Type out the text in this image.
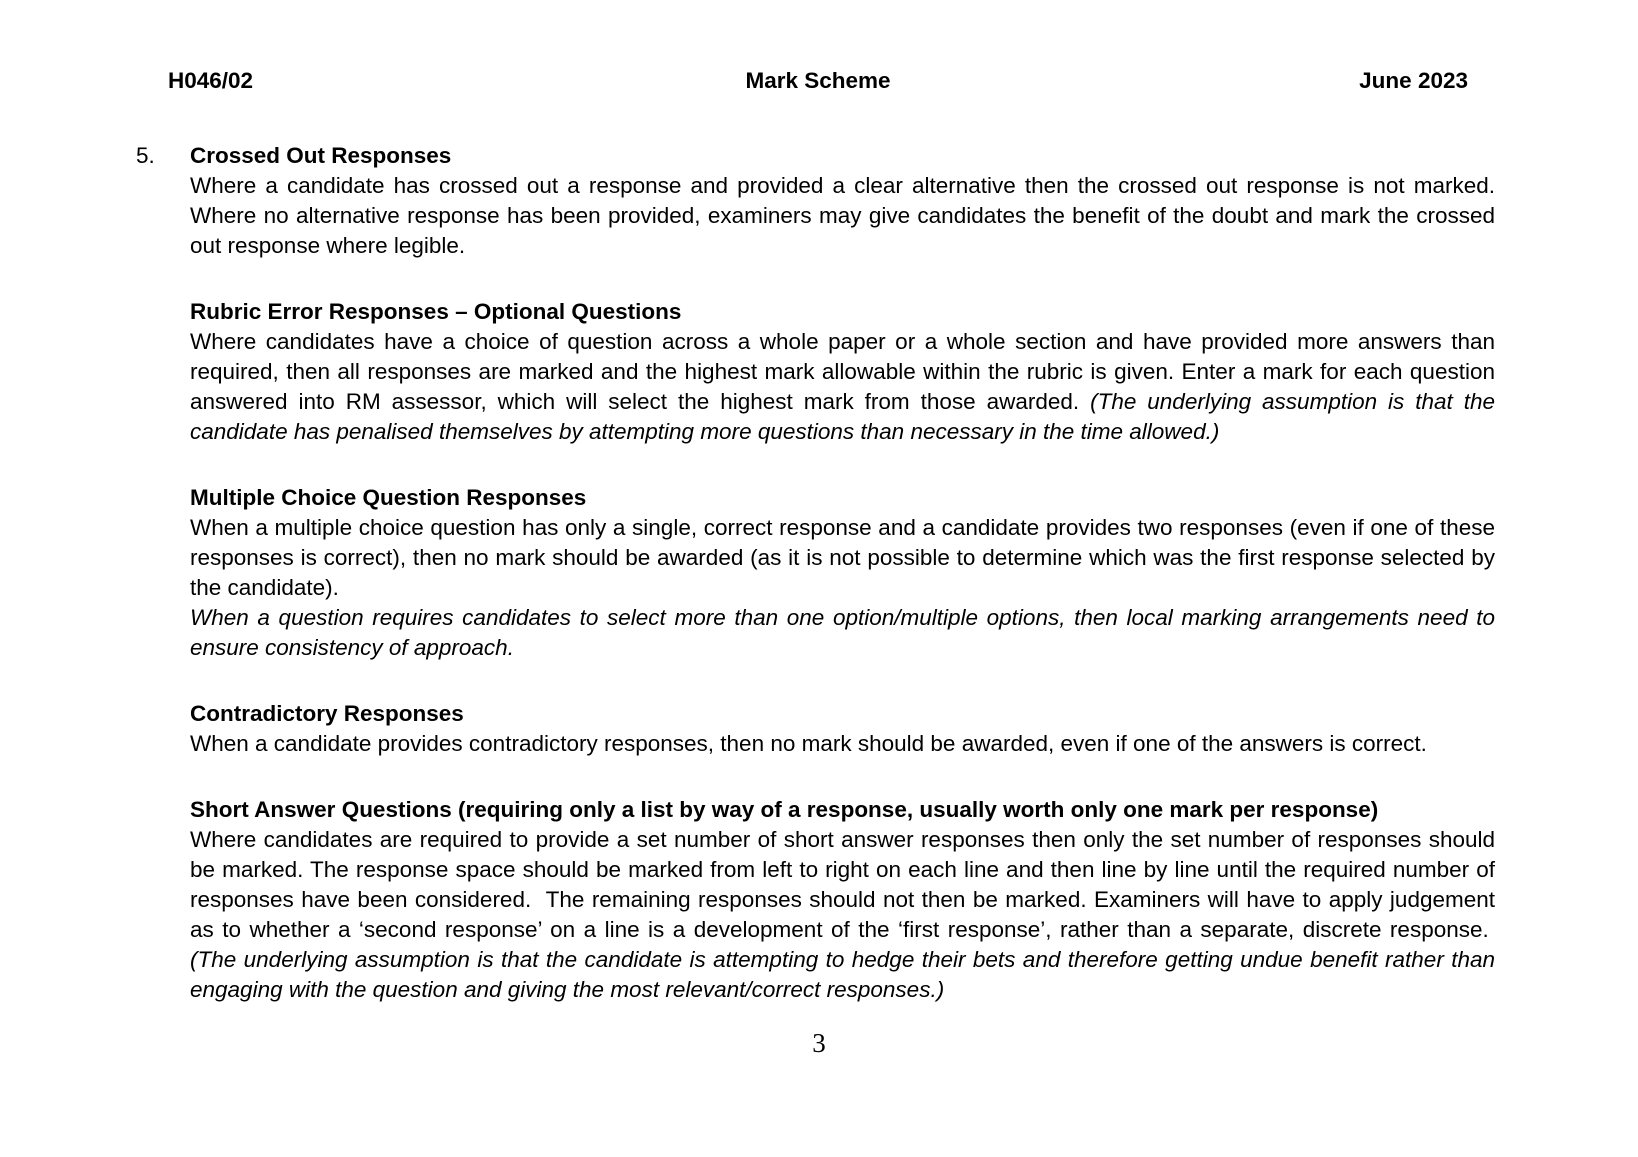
H046/02	Mark Scheme	June 2023
5. Crossed Out Responses

Where a candidate has crossed out a response and provided a clear alternative then the crossed out response is not marked. Where no alternative response has been provided, examiners may give candidates the benefit of the doubt and mark the crossed out response where legible.

Rubric Error Responses – Optional Questions

Where candidates have a choice of question across a whole paper or a whole section and have provided more answers than required, then all responses are marked and the highest mark allowable within the rubric is given. Enter a mark for each question answered into RM assessor, which will select the highest mark from those awarded. (The underlying assumption is that the candidate has penalised themselves by attempting more questions than necessary in the time allowed.)

Multiple Choice Question Responses

When a multiple choice question has only a single, correct response and a candidate provides two responses (even if one of these responses is correct), then no mark should be awarded (as it is not possible to determine which was the first response selected by the candidate).

When a question requires candidates to select more than one option/multiple options, then local marking arrangements need to ensure consistency of approach.

Contradictory Responses

When a candidate provides contradictory responses, then no mark should be awarded, even if one of the answers is correct.

Short Answer Questions (requiring only a list by way of a response, usually worth only one mark per response)

Where candidates are required to provide a set number of short answer responses then only the set number of responses should be marked. The response space should be marked from left to right on each line and then line by line until the required number of responses have been considered.  The remaining responses should not then be marked. Examiners will have to apply judgement as to whether a ‘second response’ on a line is a development of the ‘first response’, rather than a separate, discrete response.  (The underlying assumption is that the candidate is attempting to hedge their bets and therefore getting undue benefit rather than engaging with the question and giving the most relevant/correct responses.)

3
